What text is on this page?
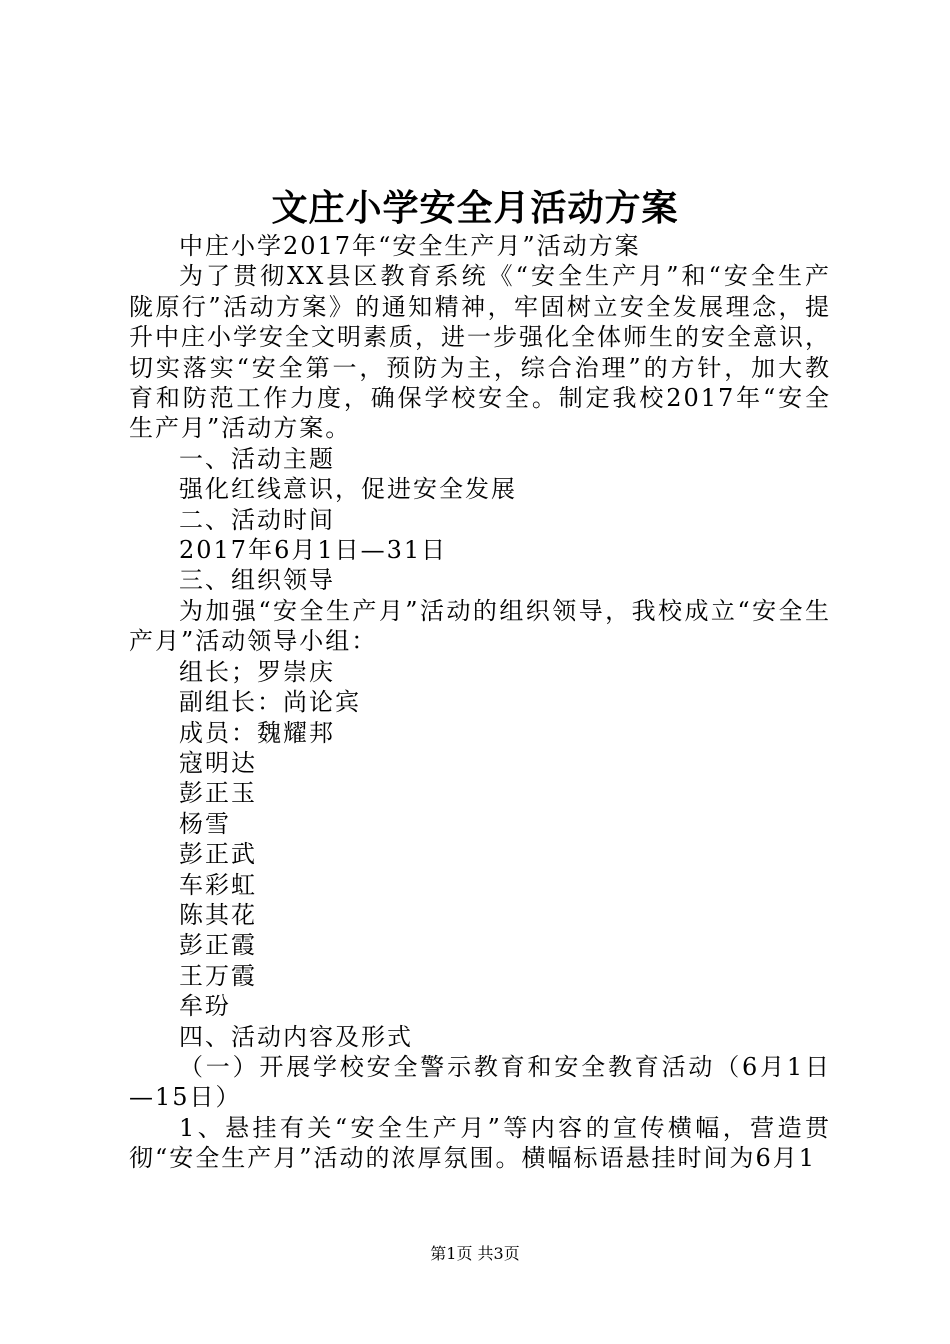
文庄小学安全月活动方案

中庄小学2017年“安全生产月”活动方案

为了贯彻XX县区教育系统《“安全生产月”和“安全生产陇原行”活动方案》的通知精神，牢固树立安全发展理念，提升中庄小学安全文明素质，进一步强化全体师生的安全意识，切实落实“安全第一，预防为主，综合治理”的方针，加大教育和防范工作力度，确保学校安全。制定我校2017年“安全生产月”活动方案。

一、活动主题

强化红线意识，促进安全发展

二、活动时间

2017年6月1日—31日

三、组织领导

为加强“安全生产月”活动的组织领导，我校成立“安全生产月”活动领导小组：

组长；罗崇庆

副组长：尚论宾

成员：魏耀邦

寇明达

彭正玉

杨雪

彭正武

车彩虹

陈其花

彭正霞

王万霞

牟玢

四、活动内容及形式

（一）开展学校安全警示教育和安全教育活动（6月1日—15日）

1、悬挂有关“安全生产月”等内容的宣传横幅，营造贯彻“安全生产月”活动的浓厚氛围。横幅标语悬挂时间为6月1

第1页 共3页
